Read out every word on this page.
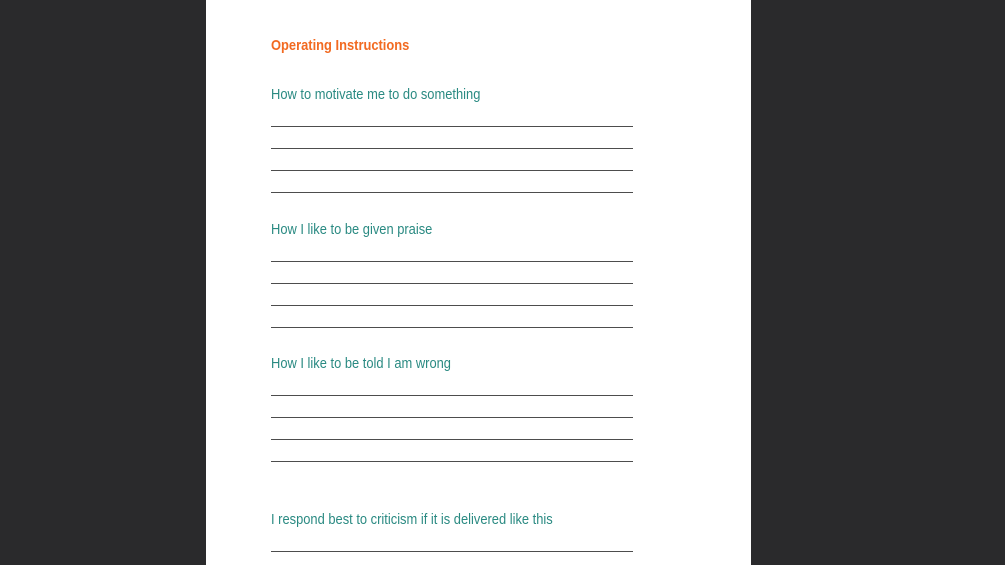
Operating Instructions
How to motivate me to do something
How I like to be given praise
How I like to be told I am wrong
I respond best to criticism if it is delivered like this
